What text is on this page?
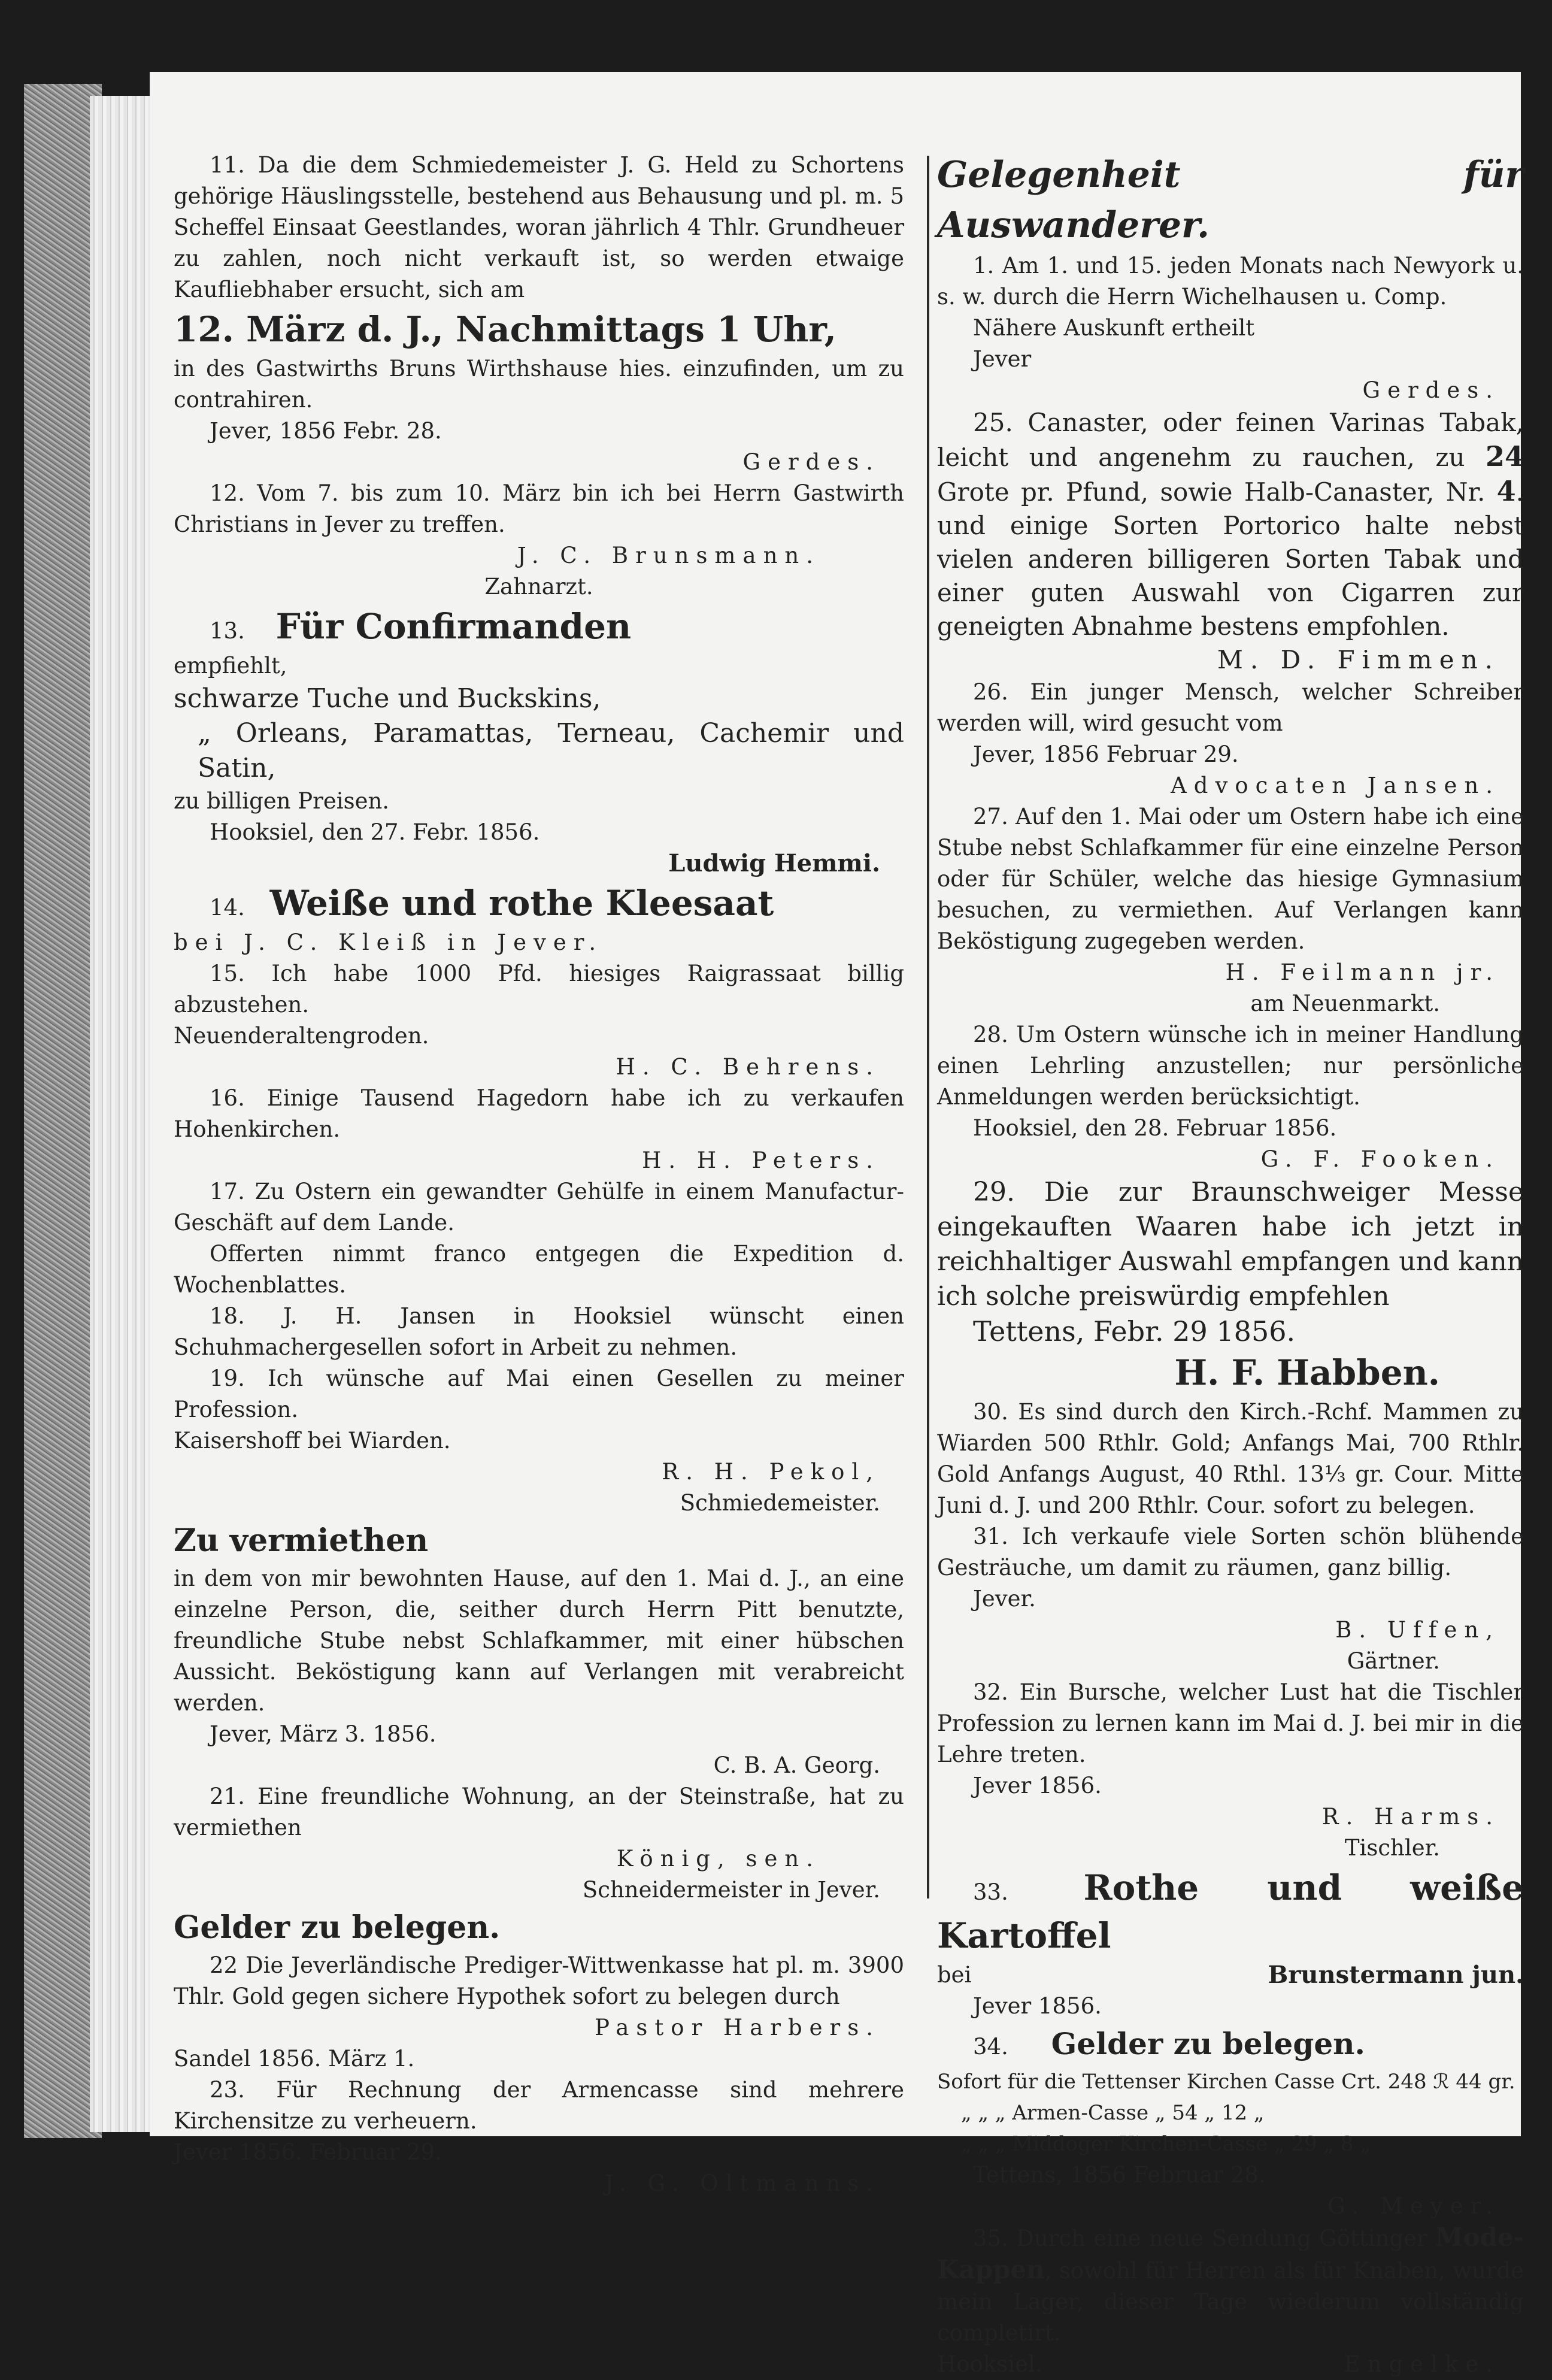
11. Da die dem Schmiedemeister J. G. Held zu Schortens gehörige Häuslingsstelle, bestehend aus Behausung und pl. m. 5 Scheffel Einsaat Geestlandes, woran jährlich 4 Thlr. Grundheuer zu zahlen, noch nicht verkauft ist, so werden etwaige Kaufliebhaber ersucht, sich am

12. März d. J., Nachmittags 1 Uhr,

in des Gastwirths Bruns Wirthshause hies. einzufinden, um zu contrahiren.

Jever, 1856 Febr. 28.

Gerdes.

12. Vom 7. bis zum 10. März bin ich bei Herrn Gastwirth Christians in Jever zu treffen.

J. C. Brunsmann.

Zahnarzt.

13. Für Confirmanden

empfiehlt,

schwarze Tuche und Buckskins,

„ Orleans, Paramattas, Terneau, Cachemir und Satin,

zu billigen Preisen.

Hooksiel, den 27. Febr. 1856.

Ludwig Hemmi.

14. Weiße und rothe Kleesaat

bei J. C. Kleiß in Jever.

15. Ich habe 1000 Pfd. hiesiges Raigrassaat billig abzustehen.

Neuenderaltengroden.

H. C. Behrens.

16. Einige Tausend Hagedorn habe ich zu verkaufen Hohenkirchen.

H. H. Peters.

17. Zu Ostern ein gewandter Gehülfe in einem Manufactur-Geschäft auf dem Lande.

Offerten nimmt franco entgegen die Expedition d. Wochenblattes.

18. J. H. Jansen in Hooksiel wünscht einen Schuhmachergesellen sofort in Arbeit zu nehmen.

19. Ich wünsche auf Mai einen Gesellen zu meiner Profession.

Kaisershoff bei Wiarden.

R. H. Pekol,

Schmiedemeister.

Zu vermiethen

in dem von mir bewohnten Hause, auf den 1. Mai d. J., an eine einzelne Person, die, seither durch Herrn Pitt benutzte, freundliche Stube nebst Schlafkammer, mit einer hübschen Aussicht. Beköstigung kann auf Verlangen mit verabreicht werden.

Jever, März 3. 1856.

C. B. A. Georg.

21. Eine freundliche Wohnung, an der Steinstraße, hat zu vermiethen

König, sen.

Schneidermeister in Jever.

Gelder zu belegen.

22 Die Jeverländische Prediger-Wittwenkasse hat pl. m. 3900 Thlr. Gold gegen sichere Hypothek sofort zu belegen durch

Pastor Harbers.

Sandel 1856. März 1.

23. Für Rechnung der Armencasse sind mehrere Kirchensitze zu verheuern.

Jever 1856. Februar 29.

J. G. Oltmanns.

Gelegenheit für Auswanderer.

1. Am 1. und 15. jeden Monats nach Newyork u. s. w. durch die Herrn Wichelhausen u. Comp.

Nähere Auskunft ertheilt

Jever

Gerdes.

25. Canaster, oder feinen Varinas Tabak, leicht und angenehm zu rauchen, zu 24 Grote pr. Pfund, sowie Halb-Canaster, Nr. 4. und einige Sorten Portorico halte nebst vielen anderen billigeren Sorten Tabak und einer guten Auswahl von Cigarren zur geneigten Abnahme bestens empfohlen.

M. D. Fimmen.

26. Ein junger Mensch, welcher Schreiber werden will, wird gesucht vom

Jever, 1856 Februar 29.

Advocaten Jansen.

27. Auf den 1. Mai oder um Ostern habe ich eine Stube nebst Schlafkammer für eine einzelne Person oder für Schüler, welche das hiesige Gymnasium besuchen, zu vermiethen. Auf Verlangen kann Beköstigung zugegeben werden.

H. Feilmann jr.

am Neuenmarkt.

28. Um Ostern wünsche ich in meiner Handlung einen Lehrling anzustellen; nur persönliche Anmeldungen werden berücksichtigt.

Hooksiel, den 28. Februar 1856.

G. F. Fooken.

29. Die zur Braunschweiger Messe eingekauften Waaren habe ich jetzt in reichhaltiger Auswahl empfangen und kann ich solche preiswürdig empfehlen

Tettens, Febr. 29 1856.

H. F. Habben.

30. Es sind durch den Kirch.-Rchf. Mammen zu Wiarden 500 Rthlr. Gold; Anfangs Mai, 700 Rthlr. Gold Anfangs August, 40 Rthl. 13⅓ gr. Cour. Mitte Juni d. J. und 200 Rthlr. Cour. sofort zu belegen.

31. Ich verkaufe viele Sorten schön blühende Gesträuche, um damit zu räumen, ganz billig.

Jever.

B. Uffen,

Gärtner.

32. Ein Bursche, welcher Lust hat die Tischler Profession zu lernen kann im Mai d. J. bei mir in die Lehre treten.

Jever 1856.

R. Harms.

Tischler.

33. Rothe und weiße Kartoffel

bei	Brunstermann jun.

Jever 1856.

34. Gelder zu belegen.

Sofort für die Tettenser Kirchen Casse Crt. 248 ℛ 44 gr.

„ „ „ Armen-Casse „ 54 „ 12 „

„ „ „ Middoger Kirchen-Casse „ 29 „ 8 „

Tettens, 1856 Februar 28.

G. Meyer.

35. Durch eine neue Sendung Göttinger Mode-Kappen, sowohl für Herren als für Knaben, wurde mein Lager, dieser Tage wiederum vollständig completirt.

Hooksiel.	Engelke.
